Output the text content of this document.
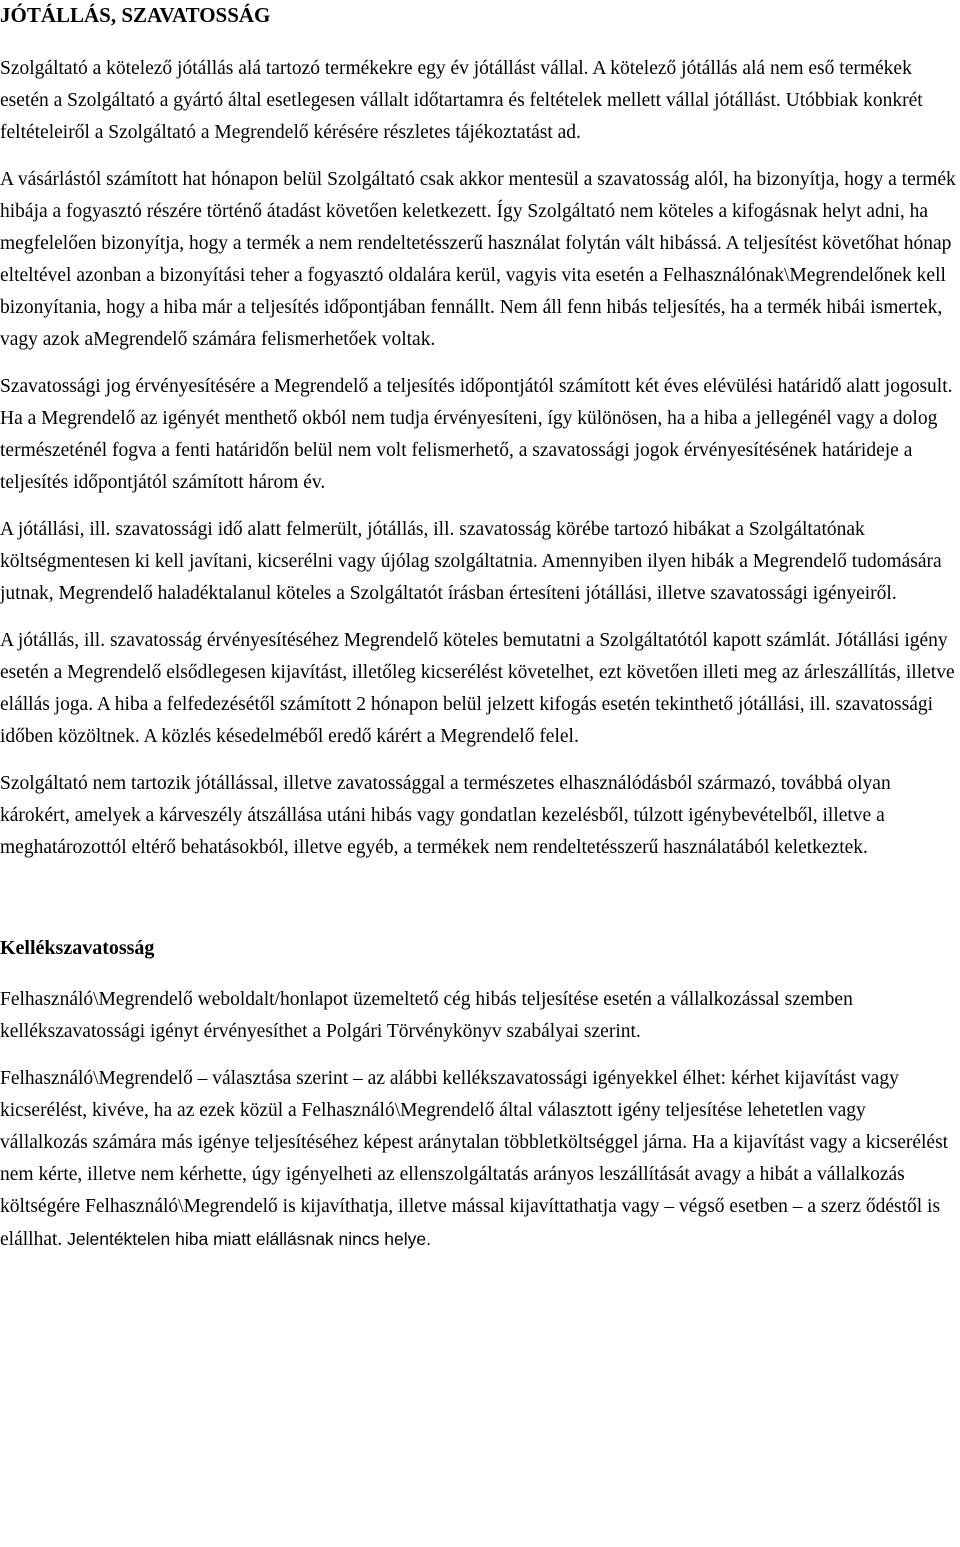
JÓTÁLLÁS, SZAVATOSSÁG

Szolgáltató a kötelező jótállás alá tartozó termékekre egy év jótállást vállal. A kötelező jótállás alá nem eső termékek esetén a Szolgáltató a gyártó által esetlegesen vállalt időtartamra és feltételek mellett vállal jótállást. Utóbbiak konkrét feltételeiről a Szolgáltató a Megrendelő kérésére részletes tájékoztatást ad.

A vásárlástól számított hat hónapon belül Szolgáltató csak akkor mentesül a szavatosság alól, ha bizonyítja, hogy a termék hibája a fogyasztó részére történő átadást követően keletkezett. Így Szolgáltató nem köteles a kifogásnak helyt adni, ha megfelelően bizonyítja, hogy a termék a nem rendeltetésszerű használat folytán vált hibássá. A teljesítést követőhat hónap elteltével azonban a bizonyítási teher a fogyasztó oldalára kerül, vagyis vita esetén a Felhasználónak\Megrendelőnek kell bizonyítania, hogy a hiba már a teljesítés időpontjában fennállt. Nem áll fenn hibás teljesítés, ha a termék hibái ismertek, vagy azok aMegrendelő számára felismerhetőek voltak.

Szavatossági jog érvényesítésére a Megrendelő a teljesítés időpontjától számított két éves elévülési határidő alatt jogosult. Ha a Megrendelő az igényét menthető okból nem tudja érvényesíteni, így különösen, ha a hiba a jellegénél vagy a dolog természeténél fogva a fenti határidőn belül nem volt felismerhető, a szavatossági jogok érvényesítésének határideje a teljesítés időpontjától számított három év.

A jótállási, ill. szavatossági idő alatt felmerült, jótállás, ill. szavatosság körébe tartozó hibákat a Szolgáltatónak költségmentesen ki kell javítani, kicserélni vagy újólag szolgáltatnia. Amennyiben ilyen hibák a Megrendelő tudomására jutnak, Megrendelő haladéktalanul köteles a Szolgáltatót írásban értesíteni jótállási, illetve szavatossági igényeiről.

A jótállás, ill. szavatosság érvényesítéséhez Megrendelő köteles bemutatni a Szolgáltatótól kapott számlát. Jótállási igény esetén a Megrendelő elsődlegesen kijavítást, illetőleg kicserélést követelhet, ezt követően illeti meg az árleszállítás, illetve elállás joga. A hiba a felfedezésétől számított 2 hónapon belül jelzett kifogás esetén tekinthető jótállási, ill. szavatossági időben közöltnek. A közlés késedelméből eredő kárért a Megrendelő felel.

Szolgáltató nem tartozik jótállással, illetve zavatossággal a természetes elhasználódásból származó, továbbá olyan károkért, amelyek a kárveszély átszállása utáni hibás vagy gondatlan kezelésből, túlzott igénybevételből, illetve a meghatározottól eltérő behatásokból, illetve egyéb, a termékek nem rendeltetésszerű használatából keletkeztek.

Kellékszavatosság

Felhasználó\Megrendelő weboldalt/honlapot üzemeltető cég hibás teljesítése esetén a vállalkozással szemben kellékszavatossági igényt érvényesíthet a Polgári Törvénykönyv szabályai szerint.

Felhasználó\Megrendelő – választása szerint – az alábbi kellékszavatossági igényekkel élhet: kérhet kijavítást vagy kicserélést, kivéve, ha az ezek közül a Felhasználó\Megrendelő által választott igény teljesítése lehetetlen vagy vállalkozás számára más igénye teljesítéséhez képest aránytalan többletköltséggel járna. Ha a kijavítást vagy a kicserélést nem kérte, illetve nem kérhette, úgy igényelheti az ellenszolgáltatás arányos leszállítását avagy a hibát a vállalkozás költségére Felhasználó\Megrendelő is kijavíthatja, illetve mással kijavíttathatja vagy – végső esetben – a szerz ődéstől is elállhat. Jelentéktelen hiba miatt elállásnak nincs helye.
